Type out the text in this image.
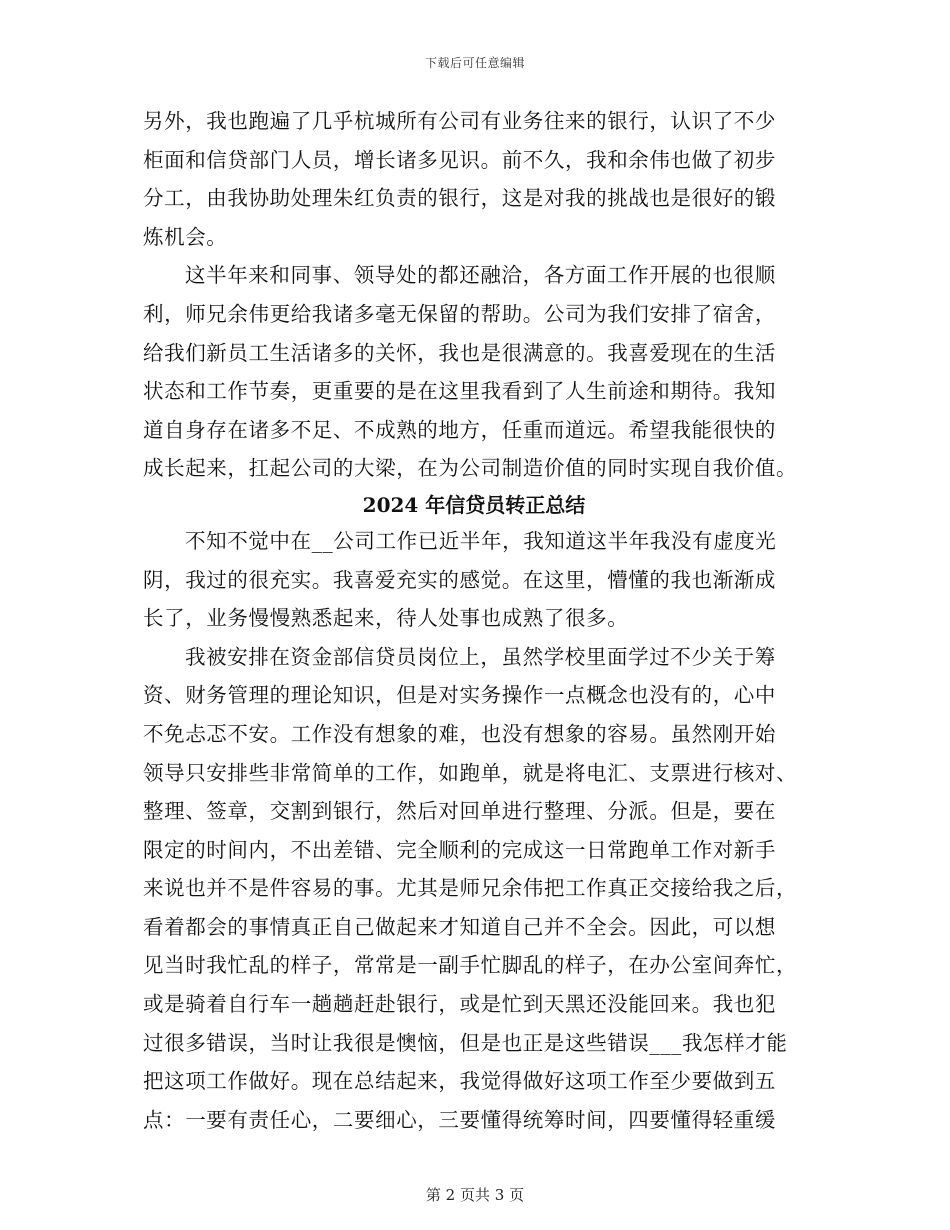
下载后可任意编辑
另外，我也跑遍了几乎杭城所有公司有业务往来的银行，认识了不少
柜面和信贷部门人员，增长诸多见识。前不久，我和余伟也做了初步
分工，由我协助处理朱红负责的银行，这是对我的挑战也是很好的锻
炼机会。
这半年来和同事、领导处的都还融洽，各方面工作开展的也很顺
利，师兄余伟更给我诸多毫无保留的帮助。公司为我们安排了宿舍，
给我们新员工生活诸多的关怀，我也是很满意的。我喜爱现在的生活
状态和工作节奏，更重要的是在这里我看到了人生前途和期待。我知
道自身存在诸多不足、不成熟的地方，任重而道远。希望我能很快的
成长起来，扛起公司的大梁，在为公司制造价值的同时实现自我价值。
2024 年信贷员转正总结
不知不觉中在__公司工作已近半年，我知道这半年我没有虚度光
阴，我过的很充实。我喜爱充实的感觉。在这里，懵懂的我也渐渐成
长了，业务慢慢熟悉起来，待人处事也成熟了很多。
我被安排在资金部信贷员岗位上，虽然学校里面学过不少关于筹
资、财务管理的理论知识，但是对实务操作一点概念也没有的，心中
不免忐忑不安。工作没有想象的难，也没有想象的容易。虽然刚开始
领导只安排些非常简单的工作，如跑单，就是将电汇、支票进行核对、
整理、签章，交割到银行，然后对回单进行整理、分派。但是，要在
限定的时间内，不出差错、完全顺利的完成这一日常跑单工作对新手
来说也并不是件容易的事。尤其是师兄余伟把工作真正交接给我之后，
看着都会的事情真正自己做起来才知道自己并不全会。因此，可以想
见当时我忙乱的样子，常常是一副手忙脚乱的样子，在办公室间奔忙，
或是骑着自行车一趟趟赶赴银行，或是忙到天黑还没能回来。我也犯
过很多错误，当时让我很是懊恼，但是也正是这些错误___我怎样才能
把这项工作做好。现在总结起来，我觉得做好这项工作至少要做到五
点：一要有责任心，二要细心，三要懂得统筹时间，四要懂得轻重缓
第 2 页共 3 页
